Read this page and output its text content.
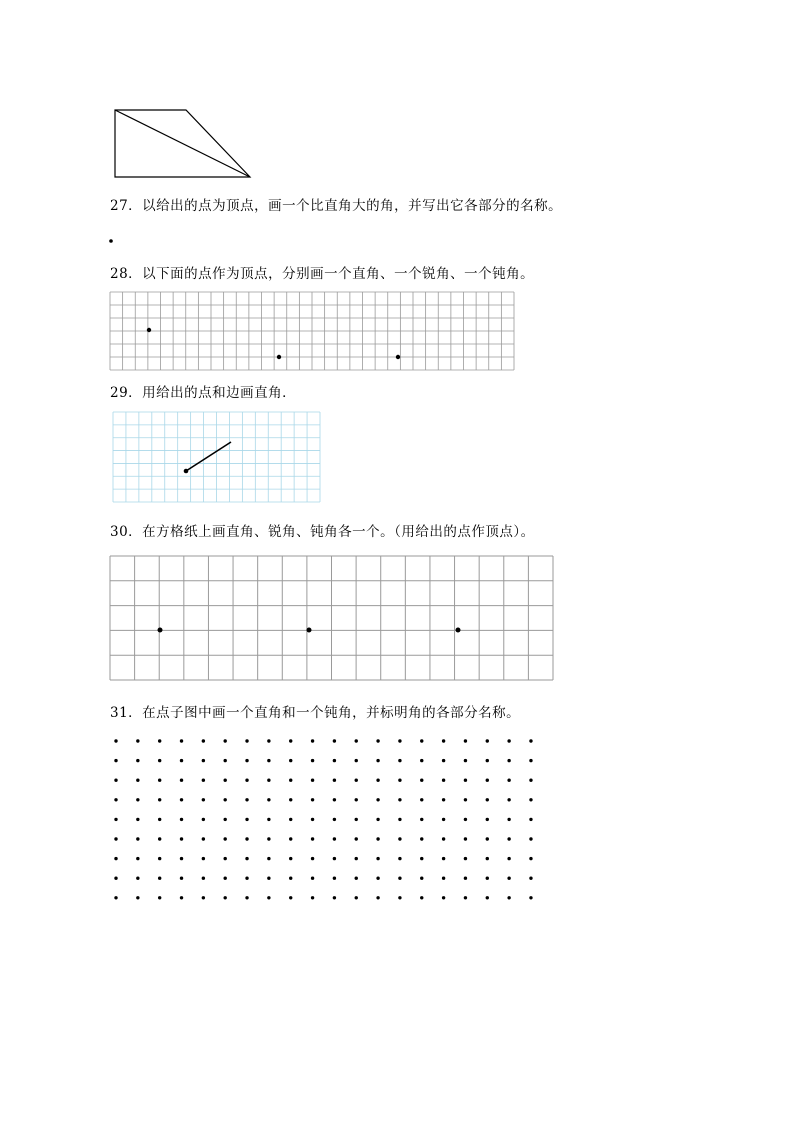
27．以给出的点为顶点，画一个比直角大的角，并写出它各部分的名称。
28．以下面的点作为顶点，分别画一个直角、一个锐角、一个钝角。
29．用给出的点和边画直角．
30．在方格纸上画直角、锐角、钝角各一个。（用给出的点作顶点）。
31．在点子图中画一个直角和一个钝角，并标明角的各部分名称。
